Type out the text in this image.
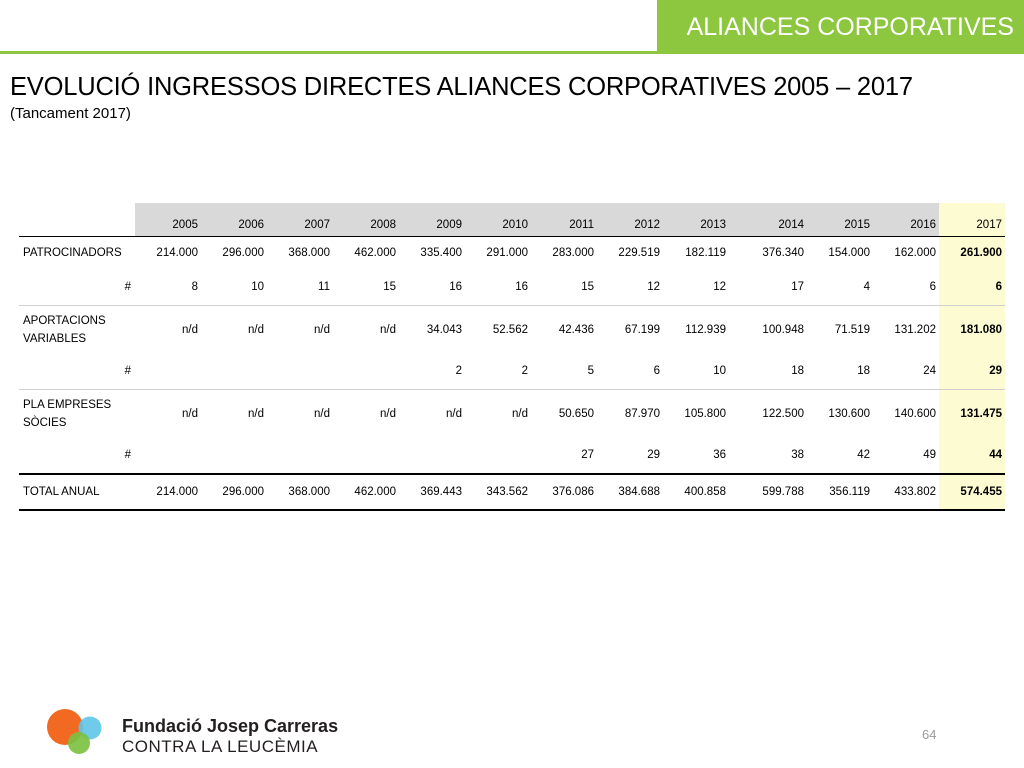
ALIANCES CORPORATIVES
EVOLUCIÓ INGRESSOS DIRECTES ALIANCES CORPORATIVES 2005 – 2017
(Tancament 2017)
	2005	2006	2007	2008	2009	2010	2011	2012	2013	2014	2015	2016	2017
PATROCINADORS	214.000	296.000	368.000	462.000	335.400	291.000	283.000	229.519	182.119	376.340	154.000	162.000	261.900
#	8	10	11	15	16	16	15	12	12	17	4	6	6
APORTACIONS VARIABLES	n/d	n/d	n/d	n/d	34.043	52.562	42.436	67.199	112.939	100.948	71.519	131.202	181.080
#					2	2	5	6	10	18	18	24	29
PLA EMPRESES SÒCIES	n/d	n/d	n/d	n/d	n/d	n/d	50.650	87.970	105.800	122.500	130.600	140.600	131.475
#							27	29	36	38	42	49	44
TOTAL ANUAL	214.000	296.000	368.000	462.000	369.443	343.562	376.086	384.688	400.858	599.788	356.119	433.802	574.455
Fundació Josep Carreras
CONTRA LA LEUCÈMIA
64
